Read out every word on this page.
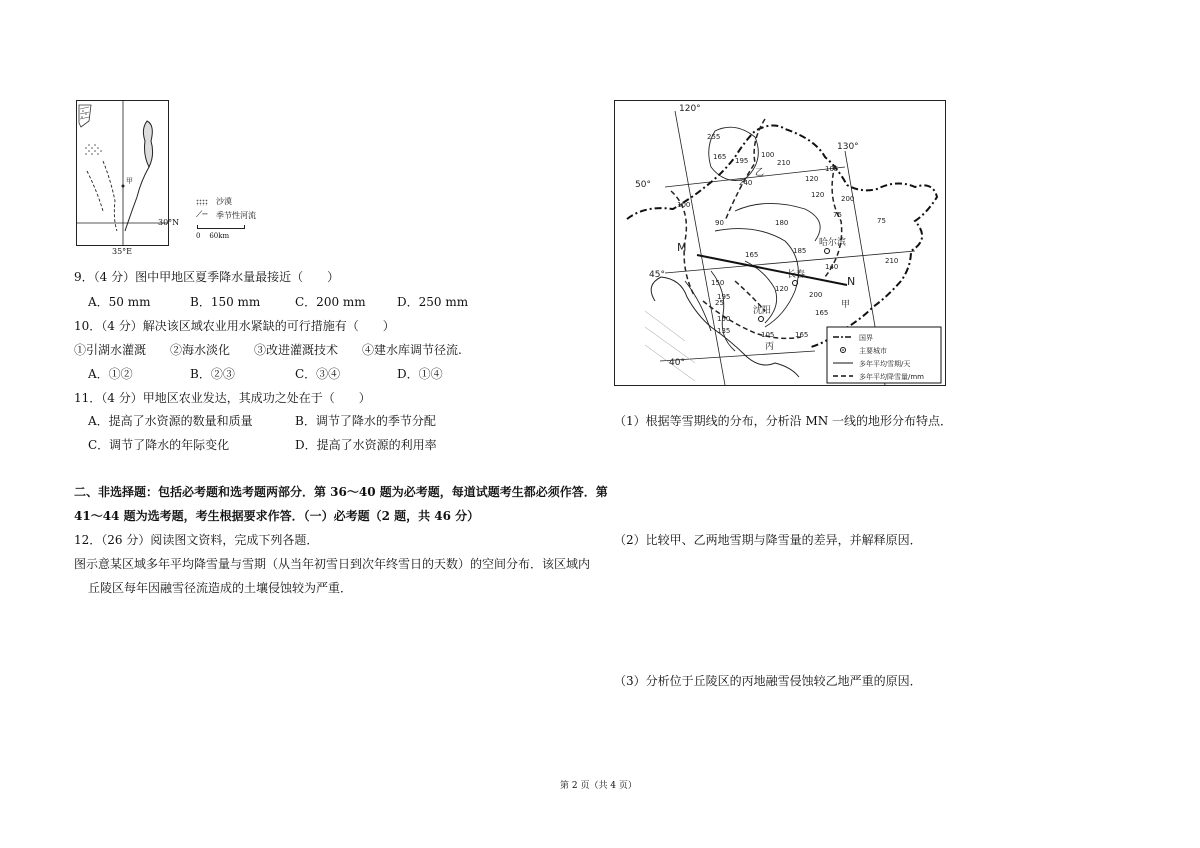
甲
沙漠
⟋╌ 季节性河流
30°N
0    60km
35°E
9．（4 分）图中甲地区夏季降水量最接近（　　）
A．50 mm	B．150 mm	C．200 mm	D．250 mm
10．（4 分）解决该区域农业用水紧缺的可行措施有（　　）
①引湖水灌溉　　②海水淡化　　③改进灌溉技术　　④建水库调节径流.
A．①②	B．②③	C．③④	D．①④
11．（4 分）甲地区农业发达，其成功之处在于（　　）
A．提高了水资源的数量和质量	B．调节了降水的季节分配
C．调节了降水的年际变化	D．提高了水资源的利用率
二、非选择题：包括必考题和选考题两部分．第 36～40 题为必考题，每道试题考生都必须作答．第
41～44 题为选考题，考生根据要求作答．（一）必考题（2 题，共 46 分）
12．（26 分）阅读图文资料，完成下列各题．
图示意某区域多年平均降雪量与雪期（从当年初雪日到次年终雪日的天数）的空间分布．该区域内
丘陵区每年因融雪径流造成的土壤侵蚀较为严重．
120°
130°
50°
45°
40°
M
N
哈尔滨
长春
沈阳
甲
乙
丙
255
165	100
210
195
240	120
105
180
90
165
100
210
165
195	200
150
25
150
135	105
165
75
120
185
140
200
75
120
国界
主要城市
多年平均雪期/天
多年平均降雪量/mm
（1）根据等雪期线的分布，分析沿 MN 一线的地形分布特点．
（2）比较甲、乙两地雪期与降雪量的差异，并解释原因．
（3）分析位于丘陵区的丙地融雪侵蚀较乙地严重的原因．
第 2 页（共 4 页）
